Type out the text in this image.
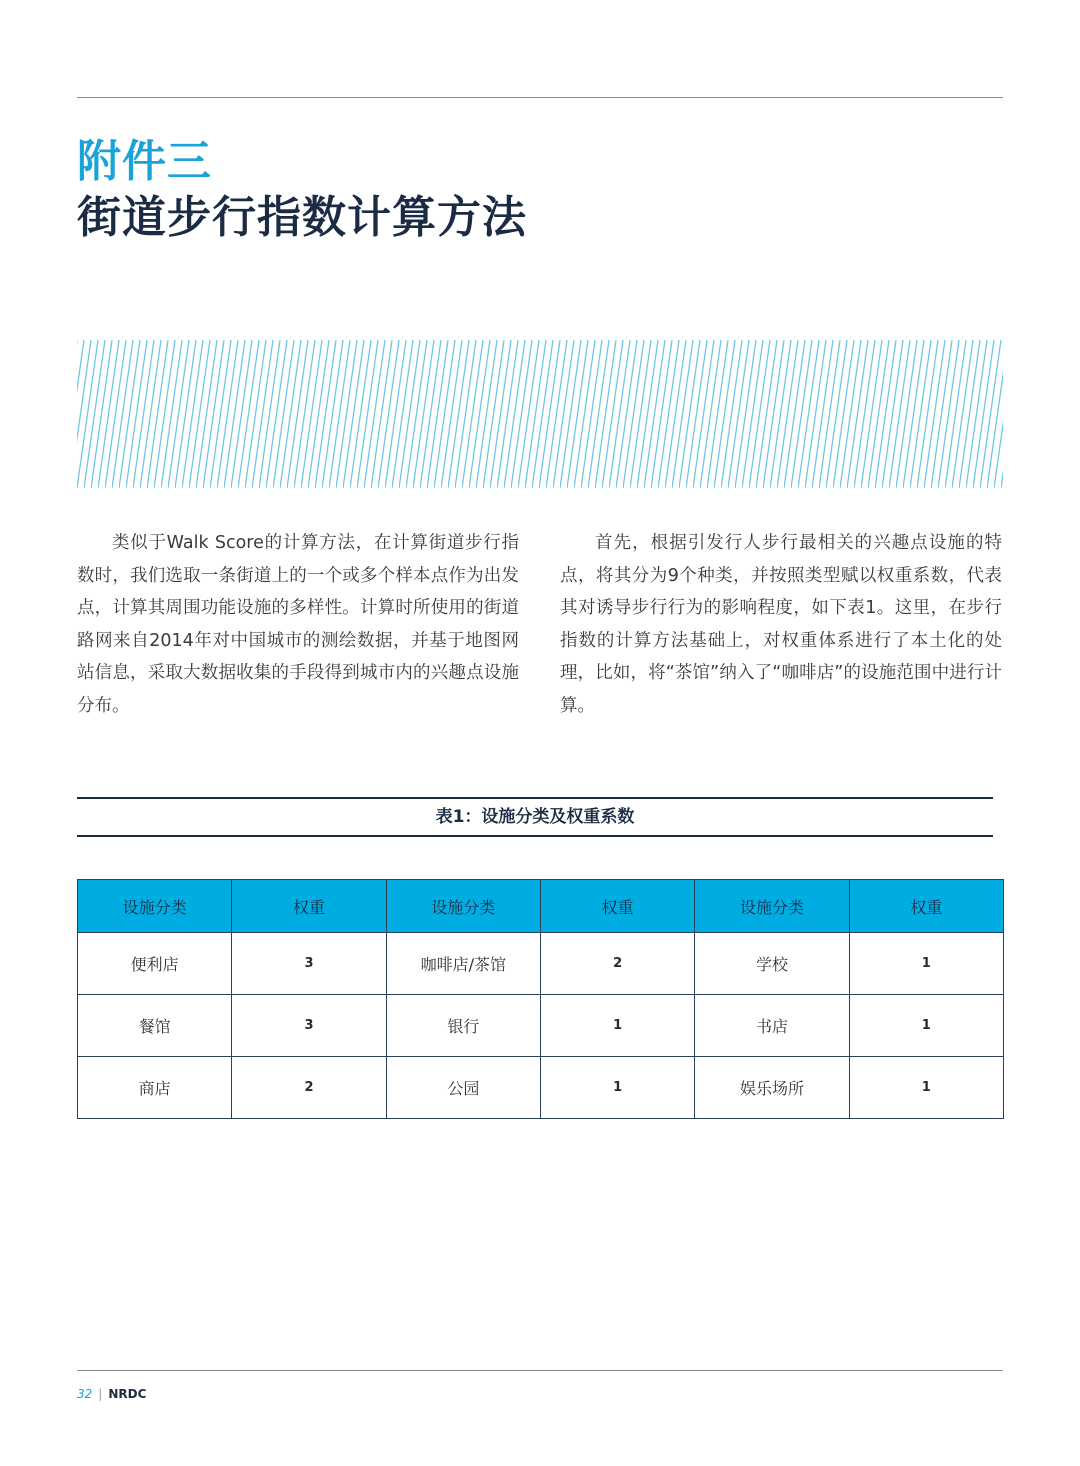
附件三
街道步行指数计算方法

类似于Walk Score的计算方法，在计算街道步行指数时，我们选取一条街道上的一个或多个样本点作为出发点，计算其周围功能设施的多样性。计算时所使用的街道路网来自2014年对中国城市的测绘数据，并基于地图网站信息，采取大数据收集的手段得到城市内的兴趣点设施分布。

首先，根据引发行人步行最相关的兴趣点设施的特点，将其分为9个种类，并按照类型赋以权重系数，代表其对诱导步行行为的影响程度，如下表1。这里，在步行指数的计算方法基础上，对权重体系进行了本土化的处理，比如，将“茶馆”纳入了“咖啡店”的设施范围中进行计算。

表1：设施分类及权重系数

设施分类	权重	设施分类	权重	设施分类	权重
便利店	3	咖啡店/茶馆	2	学校	1
餐馆	3	银行	1	书店	1
商店	2	公园	1	娱乐场所	1
32 | NRDC
